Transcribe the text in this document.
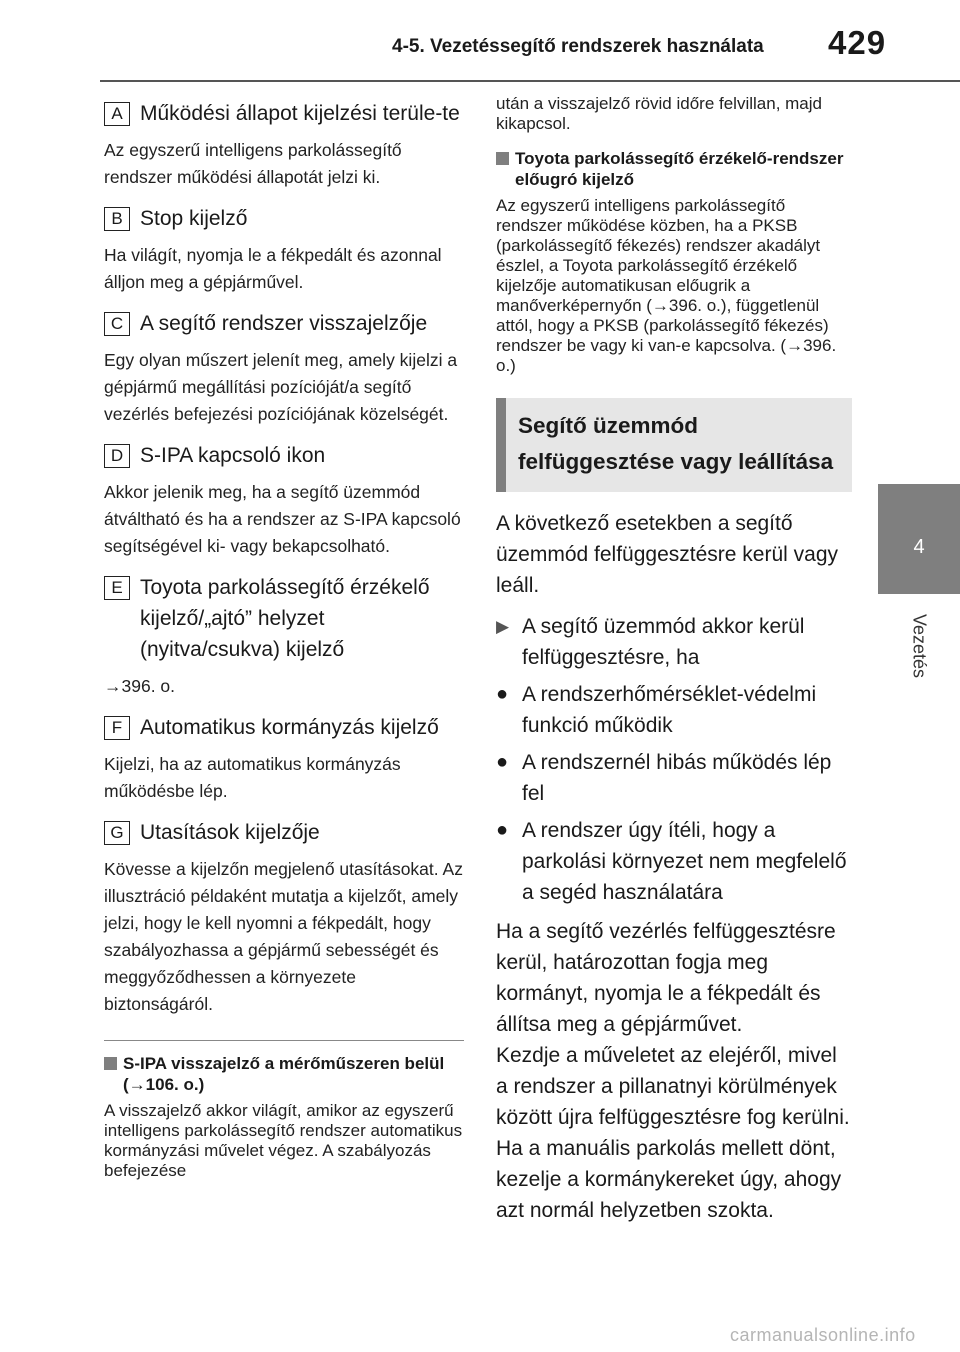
4-5. Vezetéssegítő rendszerek használata 429
4
Vezetés
A Működési állapot kijelzési terüle-te
Az egyszerű intelligens parkolássegítő rendszer működési állapotát jelzi ki.
B Stop kijelző
Ha világít, nyomja le a fékpedált és azonnal álljon meg a gépjárművel.
C A segítő rendszer visszajelzője
Egy olyan műszert jelenít meg, amely kijelzi a gépjármű megállítási pozícióját/a segítő vezérlés befejezési pozíciójának közelségét.
D S-IPA kapcsoló ikon
Akkor jelenik meg, ha a segítő üzemmód átváltható és ha a rendszer az S-IPA kapcsoló segítségével ki- vagy bekapcsolható.
E Toyota parkolássegítő érzékelő kijelző/„ajtó” helyzet (nyitva/csukva) kijelző
→396. o.
F Automatikus kormányzás kijelző
Kijelzi, ha az automatikus kormányzás működésbe lép.
G Utasítások kijelzője
Kövesse a kijelzőn megjelenő utasításokat. Az illusztráció példaként mutatja a kijelzőt, amely jelzi, hogy le kell nyomni a fékpedált, hogy szabályozhassa a gépjármű sebességét és meggyőződhessen a környezete biztonságáról.
S-IPA visszajelző a mérőműszeren belül (→106. o.)
A visszajelző akkor világít, amikor az egyszerű intelligens parkolássegítő rendszer automatikus kormányzási művelet végez. A szabályozás befejezése
után a visszajelző rövid időre felvillan, majd kikapcsol.
Toyota parkolássegítő érzékelő-rendszer előugró kijelző
Az egyszerű intelligens parkolássegítő rendszer működése közben, ha a PKSB (parkolássegítő fékezés) rendszer akadályt észlel, a Toyota parkolássegítő érzékelő kijelzője automatikusan előugrik a manőverképernyőn (→396. o.), függetlenül attól, hogy a PKSB (parkolássegítő fékezés) rendszer be vagy ki van-e kapcsolva. (→396. o.)
Segítő üzemmód felfüggesztése vagy leállítása
A következő esetekben a segítő üzemmód felfüggesztésre kerül vagy leáll.
▶ A segítő üzemmód akkor kerül felfüggesztésre, ha
● A rendszerhőmérséklet-védelmi funkció működik
● A rendszernél hibás működés lép fel
● A rendszer úgy ítéli, hogy a parkolási környezet nem megfelelő a segéd használatára
Ha a segítő vezérlés felfüggesztésre kerül, határozottan fogja meg kormányt, nyomja le a fékpedált és állítsa meg a gépjárművet.
Kezdje a műveletet az elejéről, mivel a rendszer a pillanatnyi körülmények között újra felfüggesztésre fog kerülni. Ha a manuális parkolás mellett dönt, kezelje a kormánykereket úgy, ahogy azt normál helyzetben szokta.
carmanualsonline.info
